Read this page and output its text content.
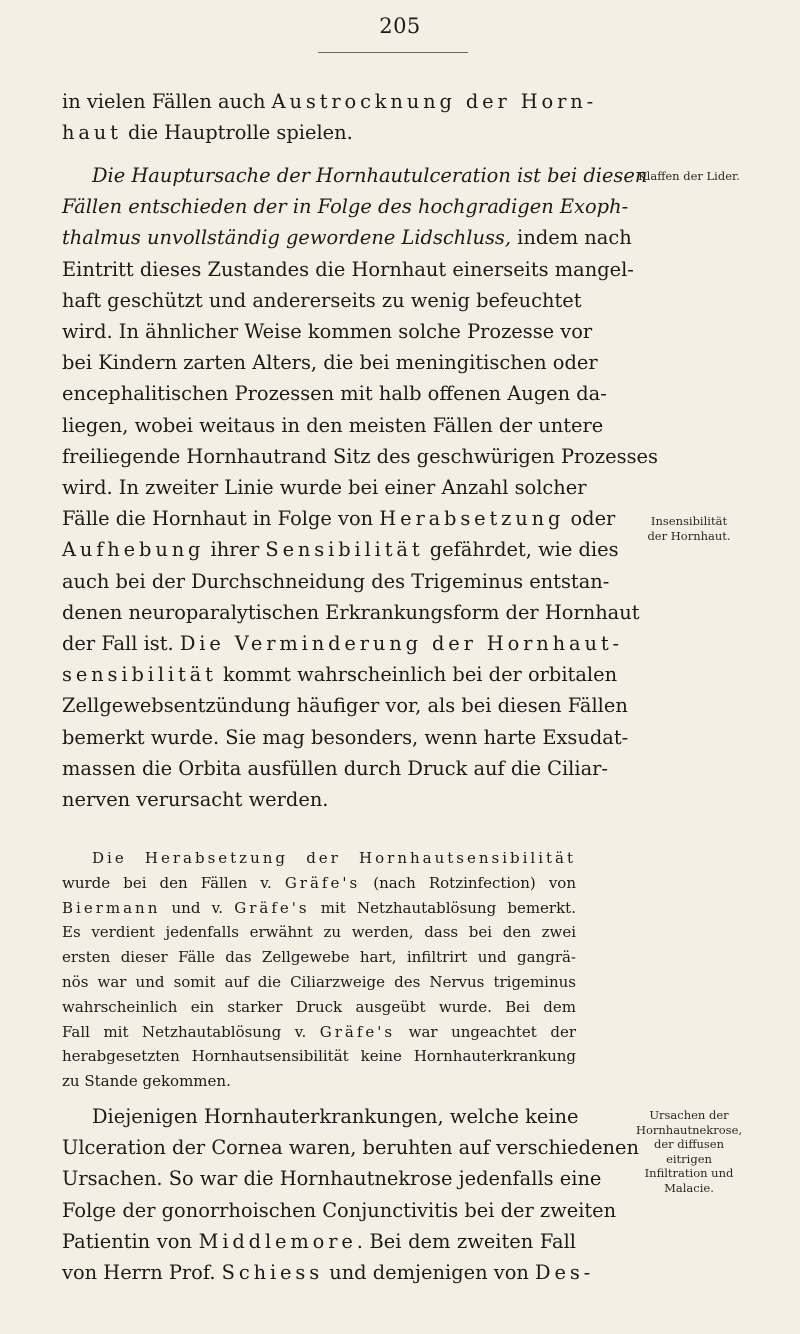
205
in vielen Fällen auch Austrocknung der Horn-
haut die Hauptrolle spielen.
Die Hauptursache der Hornhautulceration ist bei diesen
Fällen entschieden der in Folge des hochgradigen Exoph-
thalmus unvollständig gewordene Lidschluss, indem nach
Eintritt dieses Zustandes die Hornhaut einerseits mangel-
haft geschützt und andererseits zu wenig befeuchtet
wird. In ähnlicher Weise kommen solche Prozesse vor
bei Kindern zarten Alters, die bei meningitischen oder
encephalitischen Prozessen mit halb offenen Augen da-
liegen, wobei weitaus in den meisten Fällen der untere
freiliegende Hornhautrand Sitz des geschwürigen Prozesses
wird. In zweiter Linie wurde bei einer Anzahl solcher
Fälle die Hornhaut in Folge von Herabsetzung oder
Aufhebung ihrer Sensibilität gefährdet, wie dies
auch bei der Durchschneidung des Trigeminus entstan-
denen neuroparalytischen Erkrankungsform der Hornhaut
der Fall ist. Die Verminderung der Hornhaut-
sensibilität kommt wahrscheinlich bei der orbitalen
Zellgewebsentzündung häufiger vor, als bei diesen Fällen
bemerkt wurde. Sie mag besonders, wenn harte Exsudat-
massen die Orbita ausfüllen durch Druck auf die Ciliar-
nerven verursacht werden.
Die Herabsetzung der Hornhautsensibilität
wurde bei den Fällen v. Gräfe's (nach Rotzinfection) von
Biermann und v. Gräfe's mit Netzhautablösung bemerkt.
Es verdient jedenfalls erwähnt zu werden, dass bei den zwei
ersten dieser Fälle das Zellgewebe hart, infiltrirt und gangrä-
nös war und somit auf die Ciliarzweige des Nervus trigeminus
wahrscheinlich ein starker Druck ausgeübt wurde. Bei dem
Fall mit Netzhautablösung v. Gräfe's war ungeachtet der
herabgesetzten Hornhautsensibilität keine Hornhauterkrankung
zu Stande gekommen.
Diejenigen Hornhauterkrankungen, welche keine
Ulceration der Cornea waren, beruhten auf verschiedenen
Ursachen. So war die Hornhautnekrose jedenfalls eine
Folge der gonorrhoischen Conjunctivitis bei der zweiten
Patientin von Middlemore. Bei dem zweiten Fall
von Herrn Prof. Schiess und demjenigen von Des-
Klaffen der Lider.
Insensibilität
der Hornhaut.
Ursachen der
Hornhautnekrose,
der diffusen
eitrigen
Infiltration und
Malacie.
